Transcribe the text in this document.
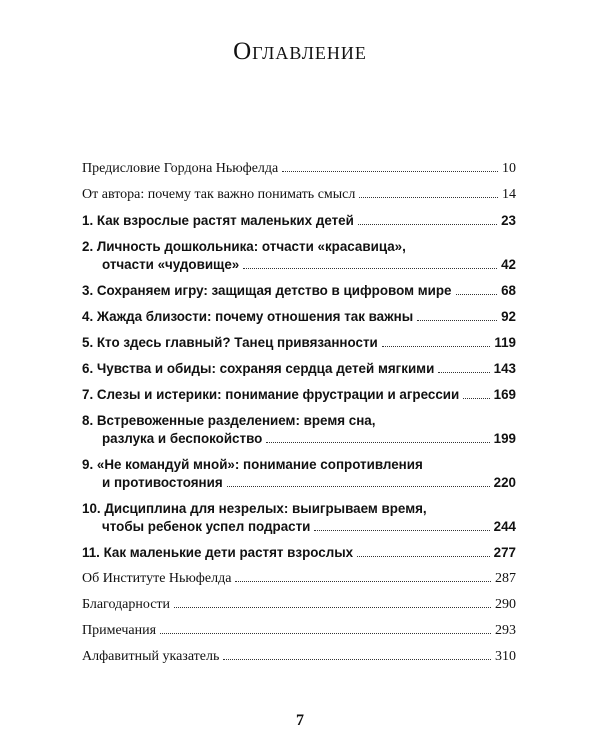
Оглавление
Предисловие Гордона Ньюфелда	10
От автора: почему так важно понимать смысл	14
1. Как взрослые растят маленьких детей	23
2. Личность дошкольника: отчасти «красавица»,
отчасти «чудовище»	42
3. Сохраняем игру: защищая детство в цифровом мире	68
4. Жажда близости: почему отношения так важны	92
5. Кто здесь главный? Танец привязанности	119
6. Чувства и обиды: сохраняя сердца детей мягкими	143
7. Слезы и истерики: понимание фрустрации и агрессии	169
8. Встревоженные разделением: время сна,
разлука и беспокойство	199
9. «Не командуй мной»: понимание сопротивления
и противостояния	220
10. Дисциплина для незрелых: выигрываем время,
чтобы ребенок успел подрасти	244
11. Как маленькие дети растят взрослых	277
Об Институте Ньюфелда	287
Благодарности	290
Примечания	293
Алфавитный указатель	310
7
